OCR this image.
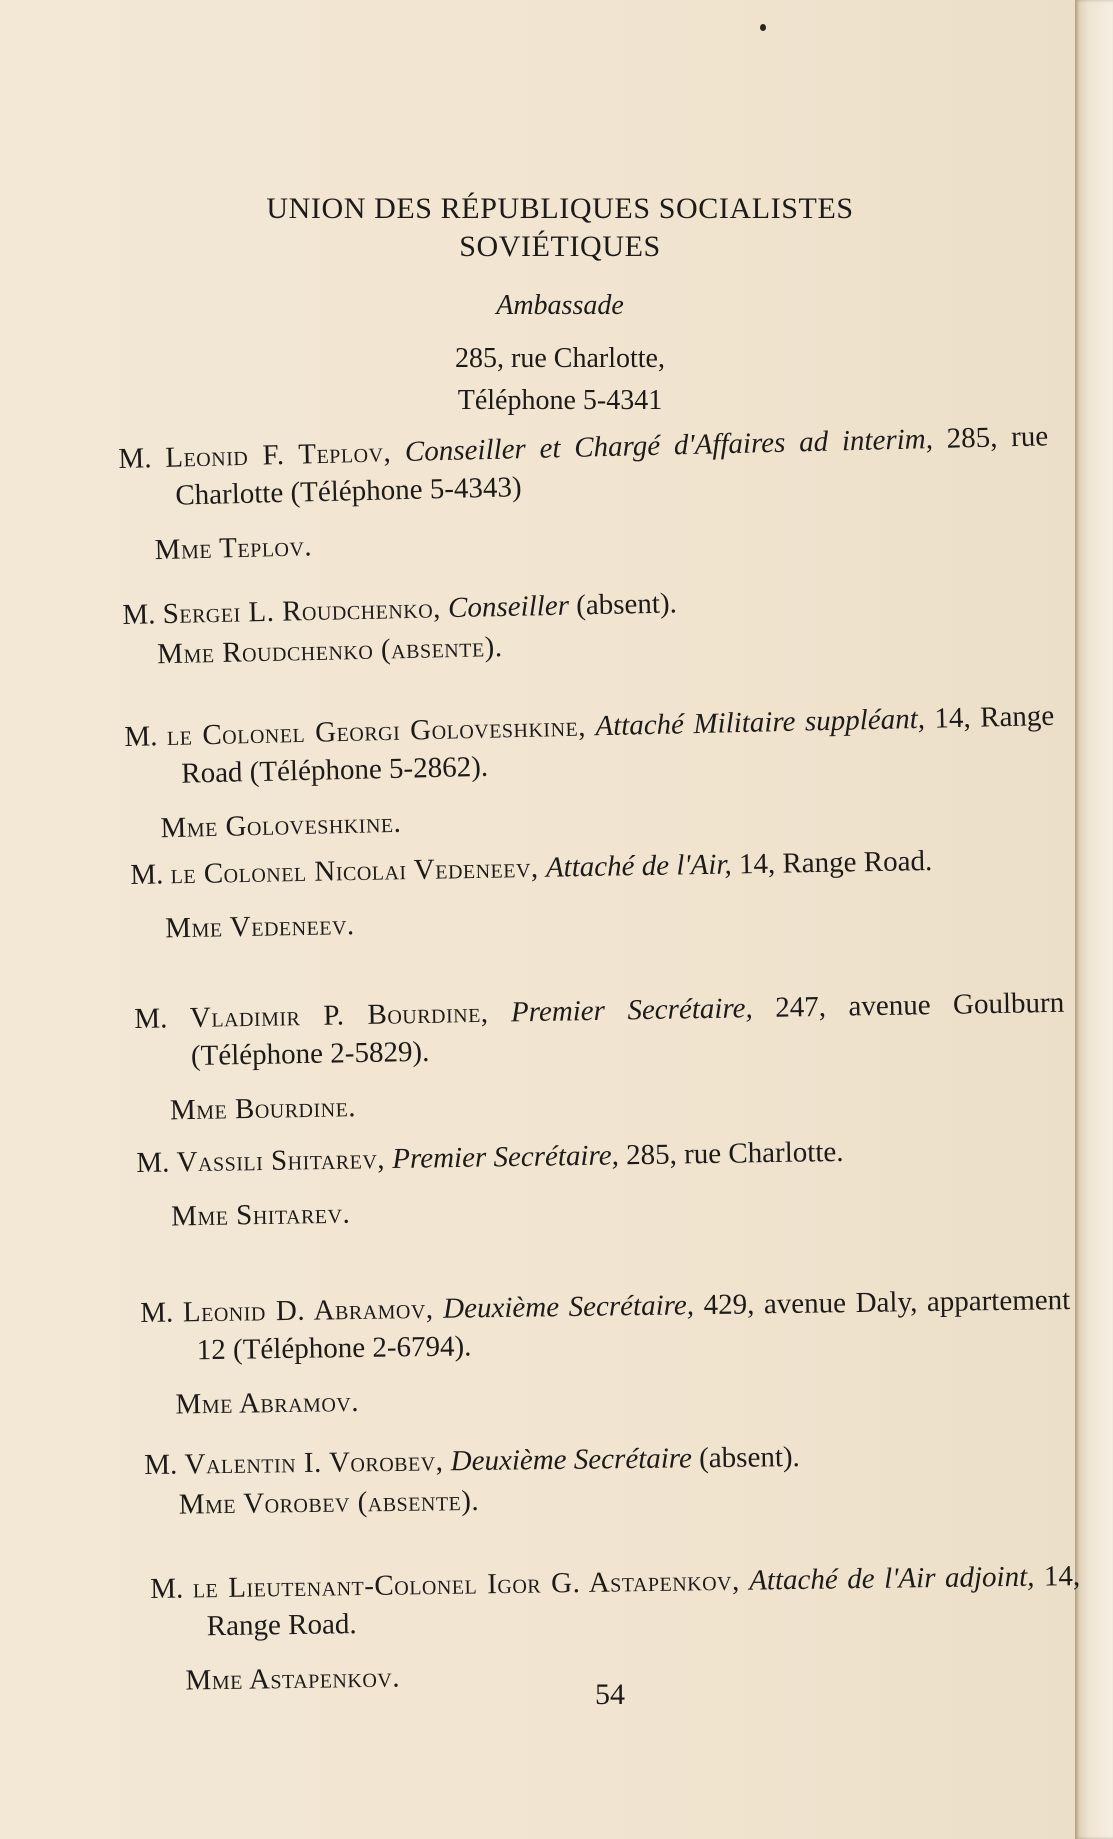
UNION DES RÉPUBLIQUES SOCIALISTES
SOVIÉTIQUES
Ambassade
285, rue Charlotte,
Téléphone 5-4341
M. Leonid F. Teplov, Conseiller et Chargé d'Affaires ad interim, 285, rue Charlotte (Téléphone 5-4343)
Mme Teplov.
M. Sergei L. Roudchenko, Conseiller (absent).
Mme Roudchenko (absente).
M. le Colonel Georgi Goloveshkine, Attaché Militaire suppléant, 14, Range Road (Téléphone 5-2862).
Mme Goloveshkine.
M. le Colonel Nicolai Vedeneev, Attaché de l'Air, 14, Range Road.
Mme Vedeneev.
M. Vladimir P. Bourdine, Premier Secrétaire, 247, avenue Goulburn (Téléphone 2-5829).
Mme Bourdine.
M. Vassili Shitarev, Premier Secrétaire, 285, rue Charlotte.
Mme Shitarev.
M. Leonid D. Abramov, Deuxième Secrétaire, 429, avenue Daly, appartement 12 (Téléphone 2-6794).
Mme Abramov.
M. Valentin I. Vorobev, Deuxième Secrétaire (absent).
Mme Vorobev (absente).
M. le Lieutenant-Colonel Igor G. Astapenkov, Attaché de l'Air adjoint, 14, Range Road.
Mme Astapenkov.	54
